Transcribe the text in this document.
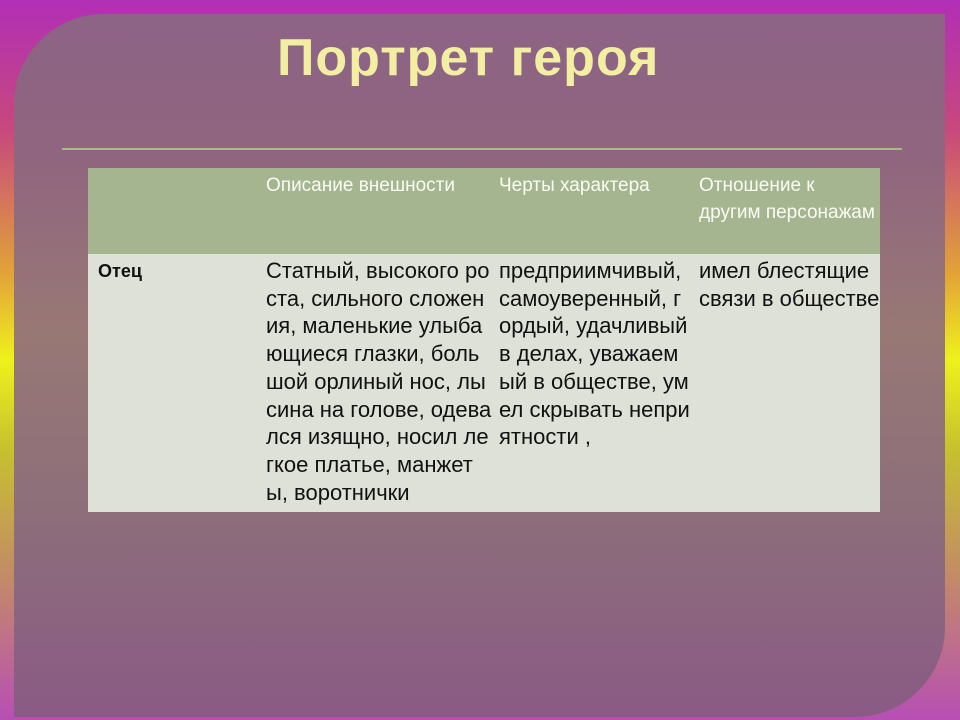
Портрет героя
	Описание внешности	Черты характера	Отношение к другим персонажам
Отец	Статный, высокого роста, сильного сложения, маленькие улыбающиеся глазки, большой орлиный нос, лысина на голове, одевался изящно, носил легкое платье, манжеты, воротнички	предприимчивый, самоуверенный, гордый, удачливый в делах, уважаемый в обществе, умел скрывать неприятности ,	имел блестящие связи в обществе
